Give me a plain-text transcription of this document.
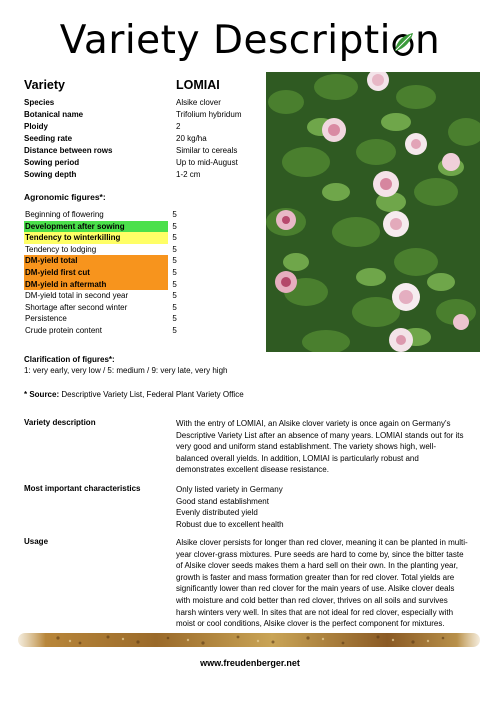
Variety Descripti n
Variety	LOMIAI
Species	Alsike clover
Botanical name	Trifolium hybridum
Ploidy	2
Seeding rate	20 kg/ha
Distance between rows	Similar to cereals
Sowing period	Up to mid-August
Sowing depth	1-2 cm
Agronomic figures*:
Beginning of flowering	5
Development after sowing	5
Tendency to winterkilling	5
Tendency to lodging	5
DM-yield total	5
DM-yield first cut	5
DM-yield in aftermath	5
DM-yield total in second year	5
Shortage after second winter	5
Persistence	5
Crude protein content	5
Clarification of figures*:
1: very early, very low / 5: medium / 9: very late, very high
* Source: Descriptive Variety List, Federal Plant Variety Office
Variety description	With the entry of LOMIAI, an Alsike clover variety is once again on Germany's
Descriptive Variety List after an absence of many years. LOMIAI stands out for its
very good and uniform stand establishment. The variety shows high, well-
balanced overall yields. In addition, LOMIAI is particularly robust and
demonstrates excellent disease resistance.
Most important characteristics	Only listed variety in Germany
Good stand establishment
Evenly distributed yield
Robust due to excellent health
Usage	Alsike clover persists for longer than red clover, meaning it can be planted in multi-
year clover-grass mixtures. Pure seeds are hard to come by, since the bitter taste
of Alsike clover seeds makes them a hard sell on their own. In the planting year,
growth is faster and mass formation greater than for red clover. Total yields are
significantly lower than red clover for the main years of use. Alsike clover deals
with moisture and cold better than red clover, thrives on all soils and survives
harsh winters very well. In sites that are not ideal for red clover, especially with
moist or cool conditions, Alsike clover is the perfect component for mixtures.
www.freudenberger.net
